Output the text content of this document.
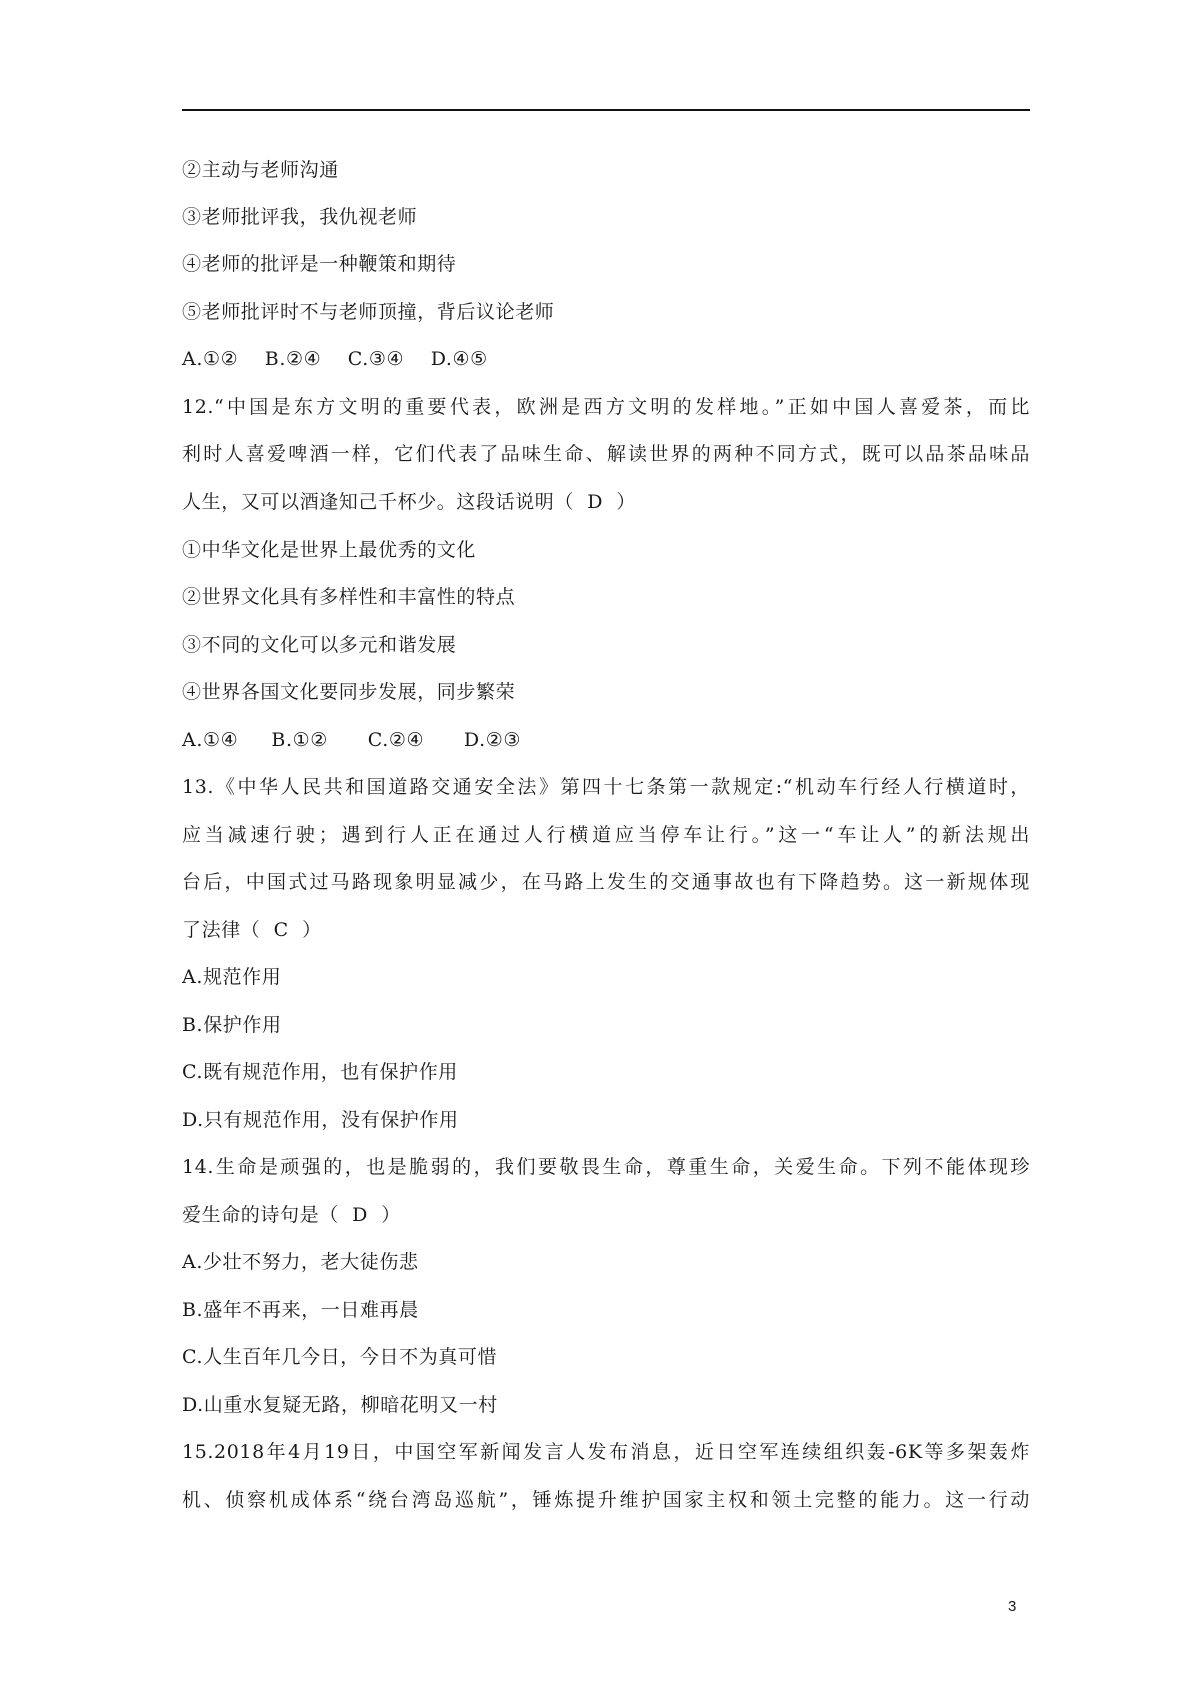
②主动与老师沟通
③老师批评我，我仇视老师
④老师的批评是一种鞭策和期待
⑤老师批评时不与老师顶撞，背后议论老师
A.①②    B.②④    C.③④    D.④⑤
12.“中国是东方文明的重要代表，欧洲是西方文明的发样地。”正如中国人喜爱茶，而比
利时人喜爱啤酒一样，它们代表了品味生命、解读世界的两种不同方式，既可以品茶品味品
人生，又可以酒逢知己千杯少。这段话说明（  D  ）
①中华文化是世界上最优秀的文化
②世界文化具有多样性和丰富性的特点
③不同的文化可以多元和谐发展
④世界各国文化要同步发展，同步繁荣
A.①④     B.①②      C.②④      D.②③
13.《中华人民共和国道路交通安全法》第四十七条第一款规定:“机动车行经人行横道时，
应当减速行驶；遇到行人正在通过人行横道应当停车让行。”这一“车让人”的新法规出
台后，中国式过马路现象明显减少，在马路上发生的交通事故也有下降趋势。这一新规体现
了法律（  C  ）
A.规范作用
B.保护作用
C.既有规范作用，也有保护作用
D.只有规范作用，没有保护作用
14.生命是顽强的，也是脆弱的，我们要敬畏生命，尊重生命，关爱生命。下列不能体现珍
爱生命的诗句是（  D  ）
A.少壮不努力，老大徒伤悲
B.盛年不再来，一日难再晨
C.人生百年几今日，今日不为真可惜
D.山重水复疑无路，柳暗花明又一村
15.2018年4月19日，中国空军新闻发言人发布消息，近日空军连续组织轰-6K等多架轰炸
机、侦察机成体系“绕台湾岛巡航”，锤炼提升维护国家主权和领土完整的能力。这一行动
3
